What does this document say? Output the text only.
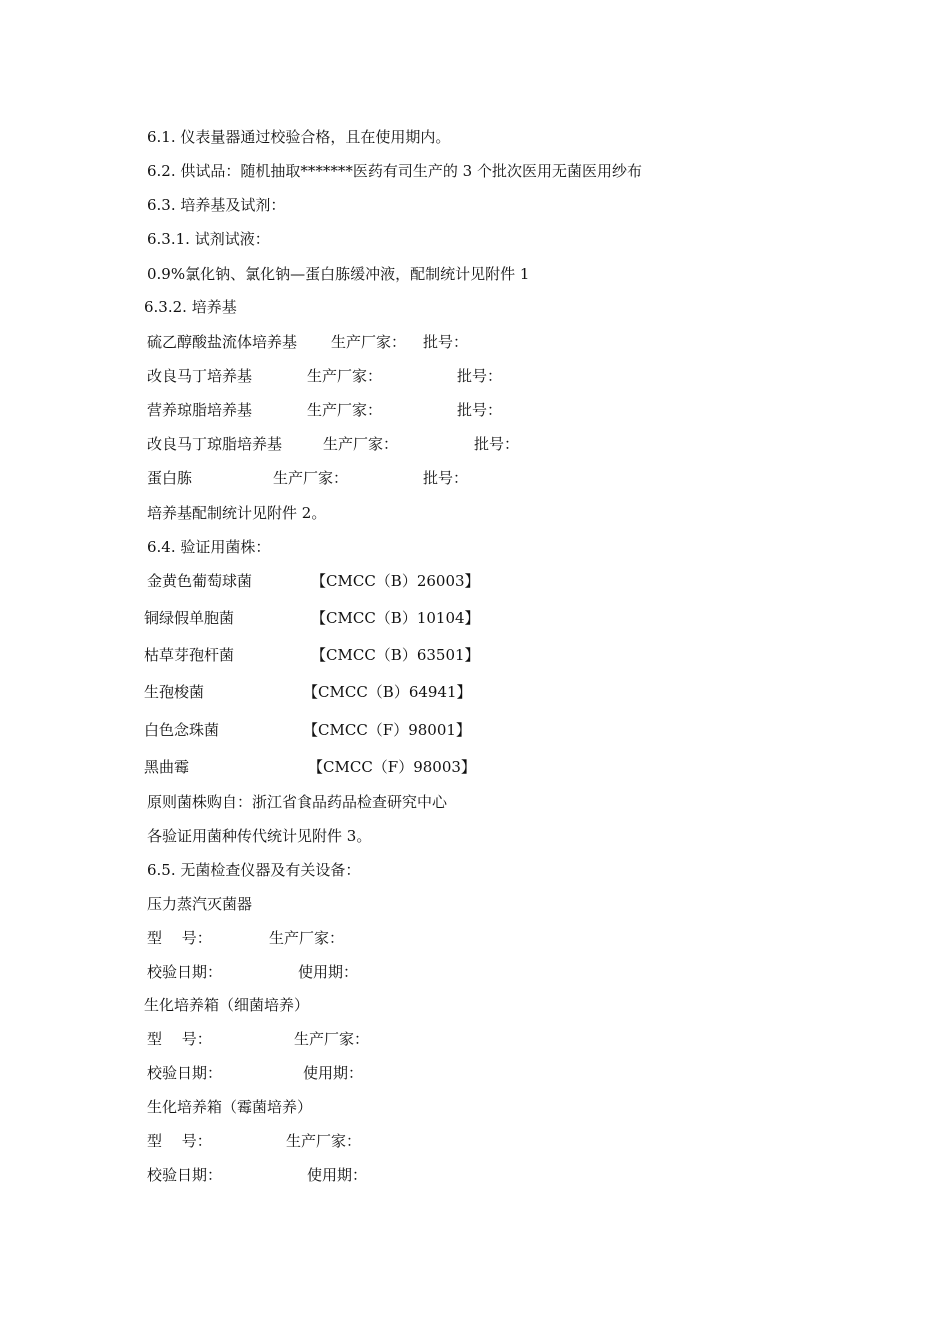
6.1. 仪表量器通过校验合格，且在使用期内。
6.2. 供试品：随机抽取*******医药有司生产的 3 个批次医用无菌医用纱布
6.3. 培养基及试剂：
6.3.1. 试剂试液：
0.9%氯化钠、氯化钠—蛋白胨缓冲液，配制统计见附件 1
6.3.2. 培养基
硫乙醇酸盐流体培养基 生产厂家： 批号：
改良马丁培养基	生产厂家：	批号：
营养琼脂培养基	生产厂家：	批号：
改良马丁琼脂培养基	生产厂家：	批号：
蛋白胨	生产厂家：	批号：
培养基配制统计见附件 2。
6.4. 验证用菌株：
金黄色葡萄球菌	【CMCC（B）26003】
铜绿假单胞菌	【CMCC（B）10104】
枯草芽孢杆菌	【CMCC（B）63501】
生孢梭菌	【CMCC（B）64941】
白色念珠菌	【CMCC（F）98001】
黑曲霉	【CMCC（F）98003】
原则菌株购自：浙江省食品药品检查研究中心
各验证用菌种传代统计见附件 3。
6.5. 无菌检查仪器及有关设备：
压力蒸汽灭菌器
型　 号：	生产厂家：
校验日期：	使用期：
生化培养箱（细菌培养）
型　 号：	生产厂家：
校验日期：	使用期：
生化培养箱（霉菌培养）
型　 号：	生产厂家：
校验日期：	使用期：
